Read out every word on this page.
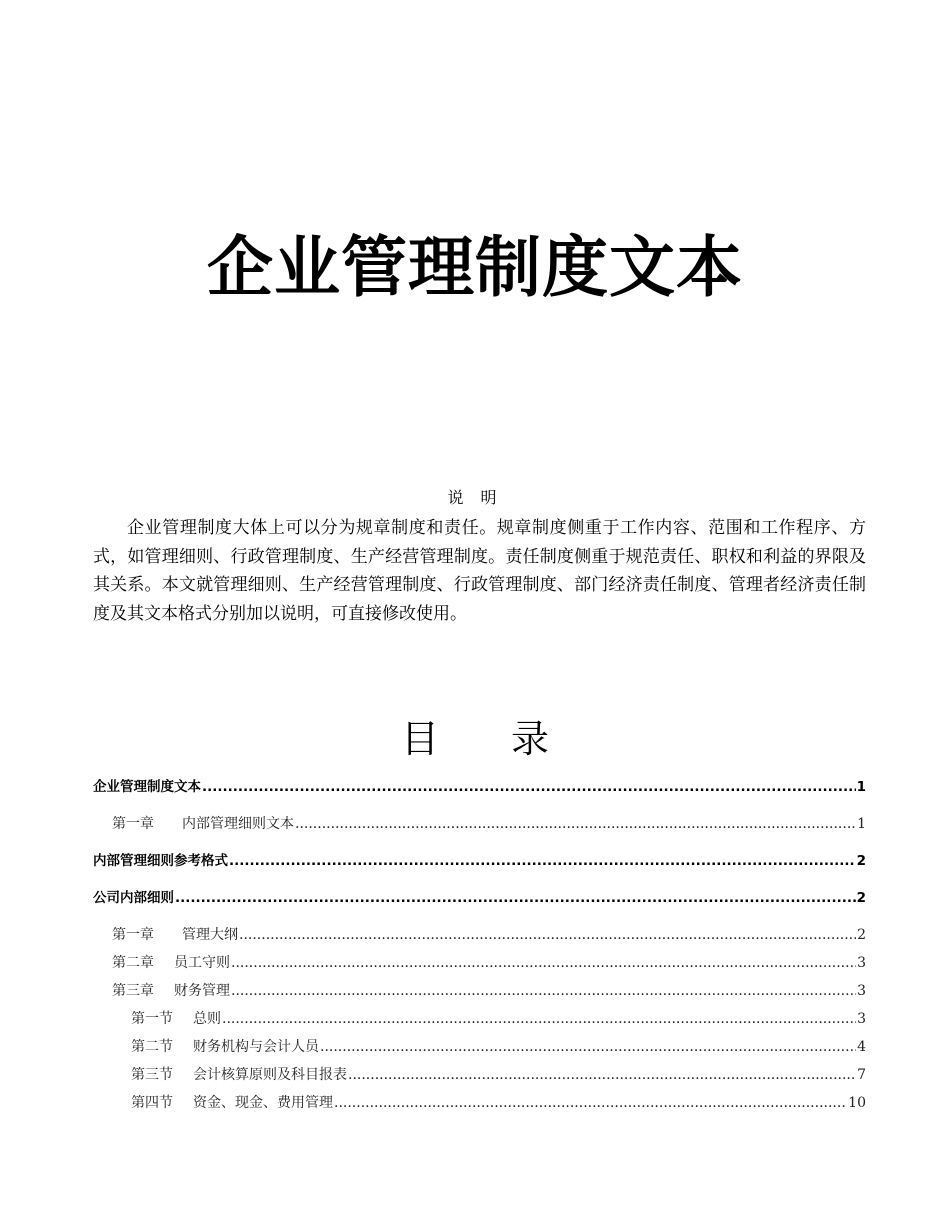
企业管理制度文本
说 明

企业管理制度大体上可以分为规章制度和责任。规章制度侧重于工作内容、范围和工作程序、方式，如管理细则、行政管理制度、生产经营管理制度。责任制度侧重于规范责任、职权和利益的界限及其关系。本文就管理细则、生产经营管理制度、行政管理制度、部门经济责任制度、管理者经济责任制度及其文本格式分别加以说明，可直接修改使用。

目 录
企业管理制度文本 .....	1
第一章	内部管理细则文本 .....	1
内部管理细则参考格式 .....	2
公司内部细则 .....	2
第一章	管理大纲 .....	2
第二章	员工守则 .....	3
第三章	财务管理 .....	3
第一节	总则 .....	3
第二节	财务机构与会计人员 .....	4
第三节	会计核算原则及科目报表 .....	7
第四节	资金、现金、费用管理 .....	10
